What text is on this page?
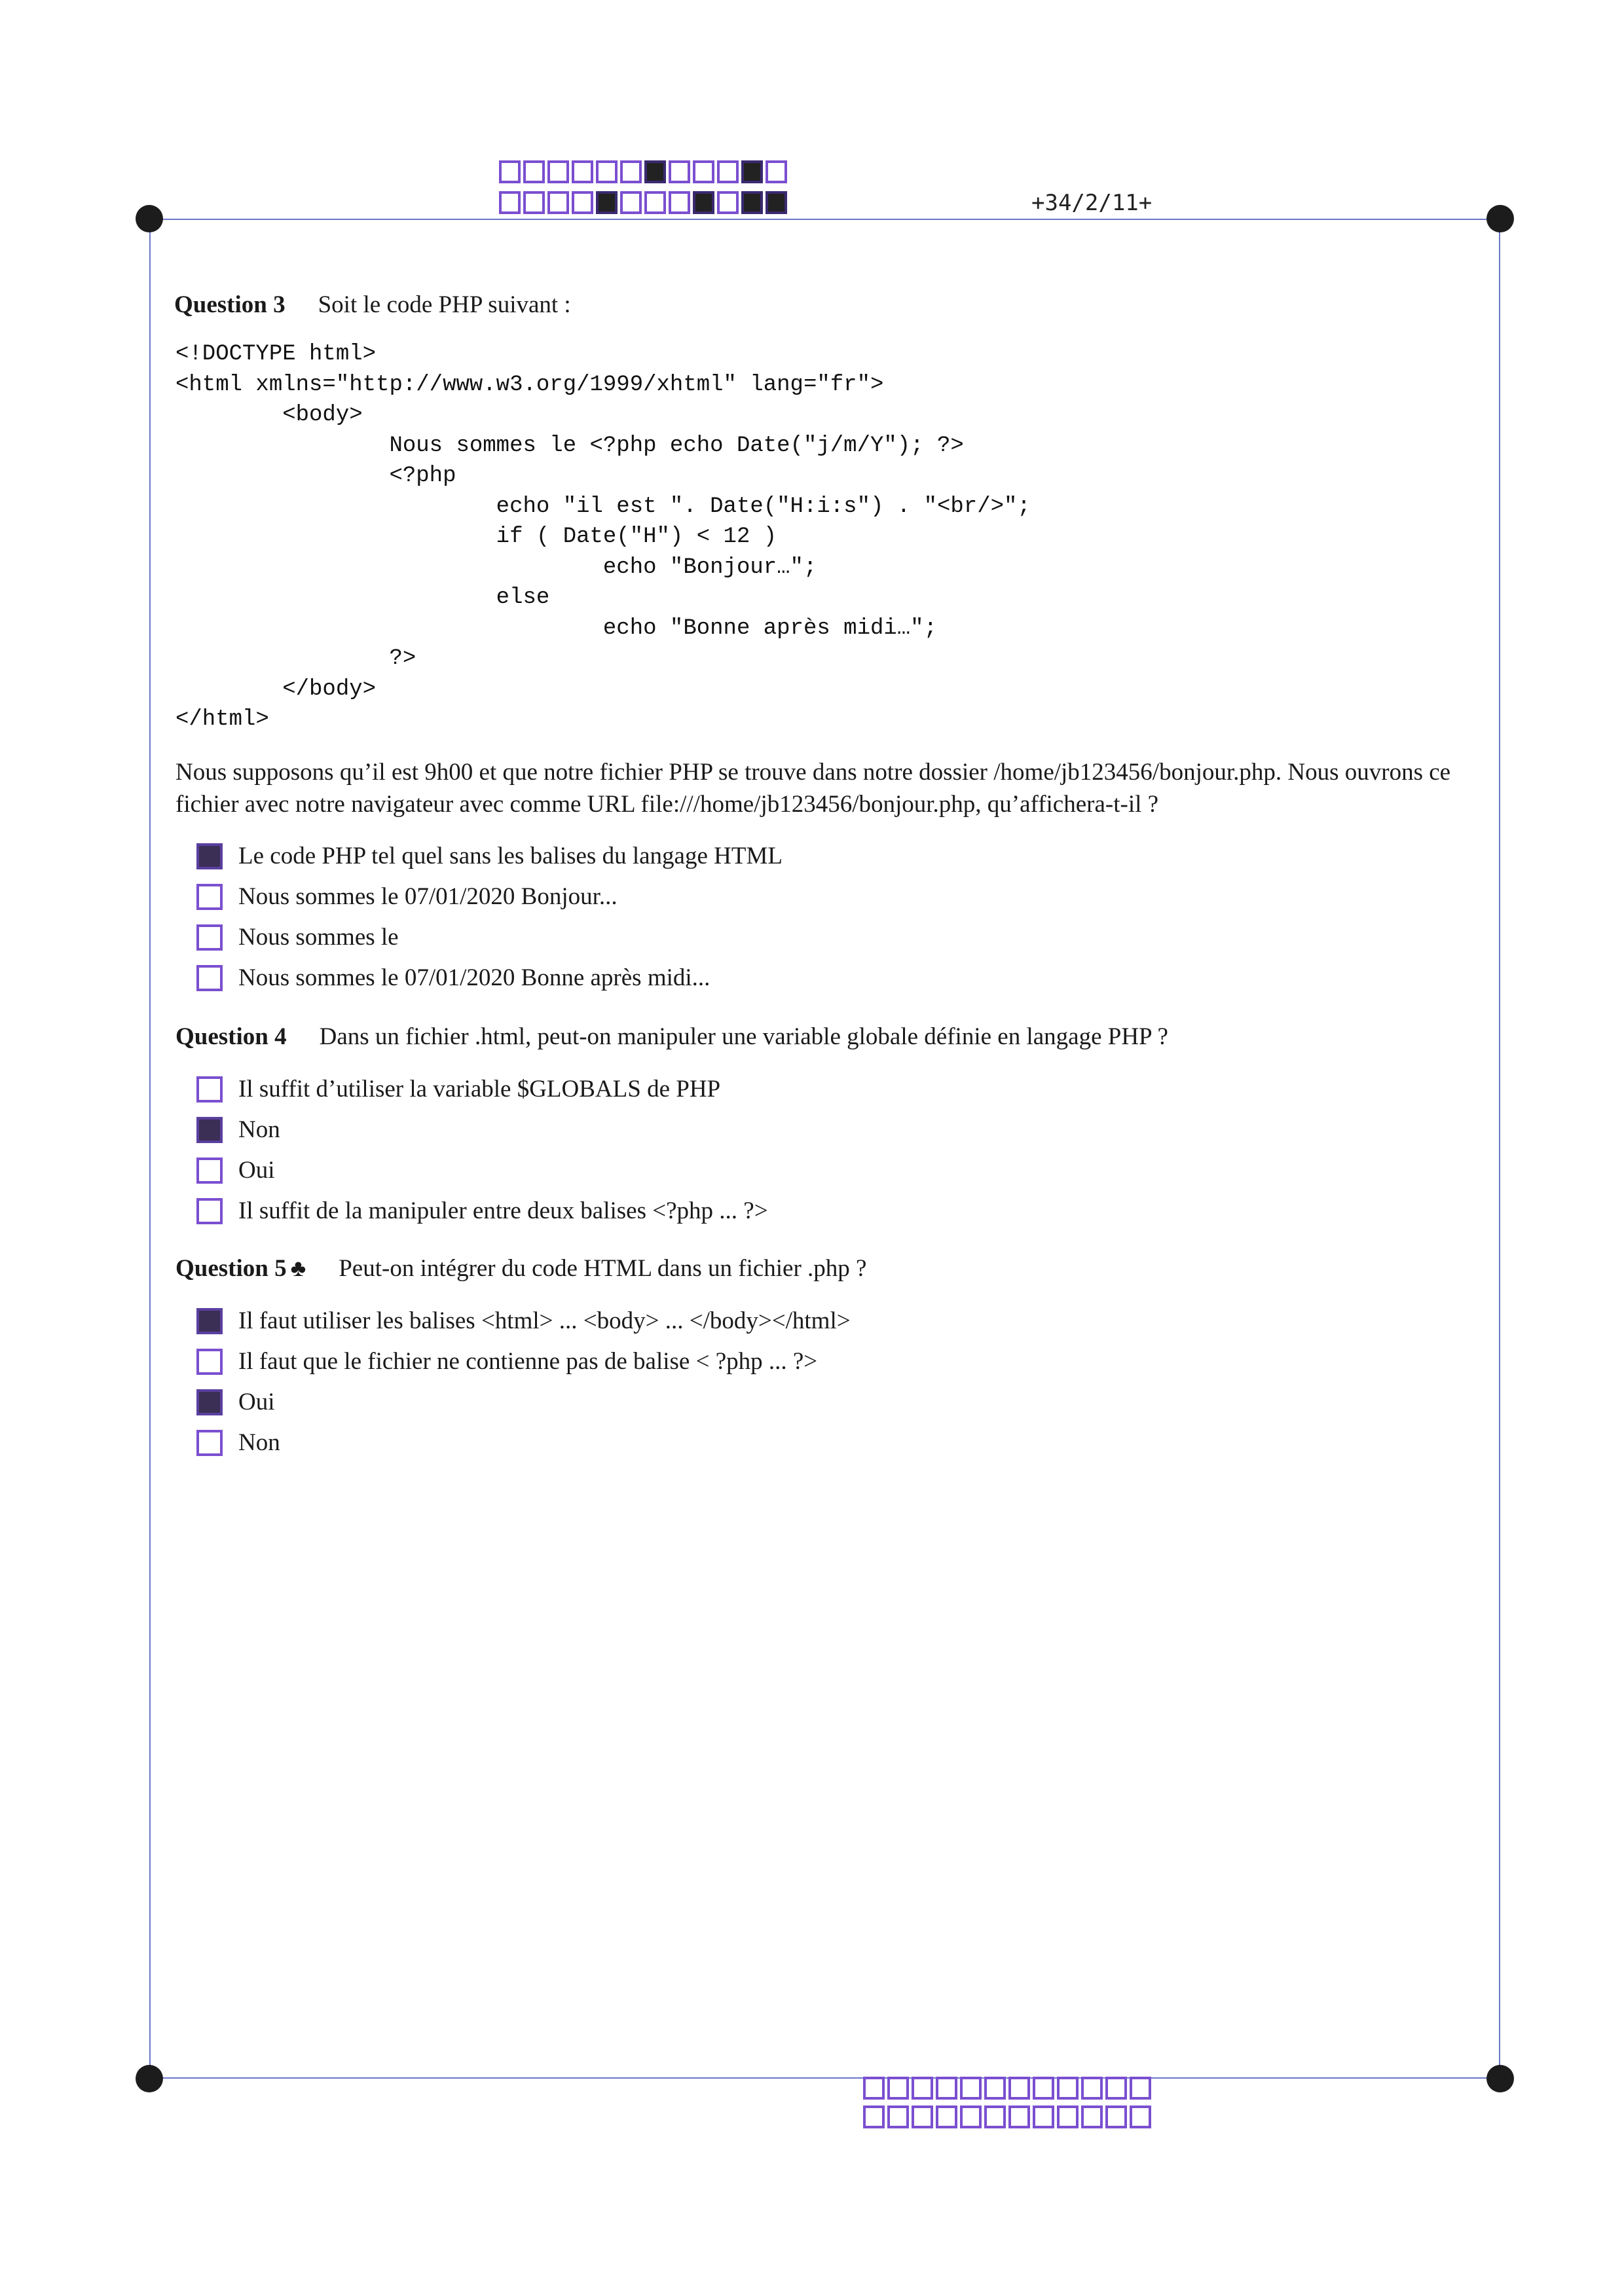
+34/2/11+
Question 3 Soit le code PHP suivant :
<!DOCTYPE html>
<html xmlns="http://www.w3.org/1999/xhtml" lang="fr">
<body>
Nous sommes le <?php echo Date("j/m/Y"); ?>
<?php
echo "il est ". Date("H:i:s") . "<br/>";
if ( Date("H") < 12 )
echo "Bonjour…";
else
echo "Bonne après midi…";
?>
</body>
</html>
Nous supposons qu’il est 9h00 et que notre fichier PHP se trouve dans notre dossier /home/jb123456/bonjour.php. Nous ouvrons ce fichier avec notre navigateur avec comme URL file:///home/jb123456/bonjour.php, qu’affichera-t-il ?
Le code PHP tel quel sans les balises du langage HTML
Nous sommes le 07/01/2020 Bonjour...
Nous sommes le
Nous sommes le 07/01/2020 Bonne après midi...
Question 4 Dans un fichier .html, peut-on manipuler une variable globale définie en langage PHP ?
Il suffit d’utiliser la variable $GLOBALS de PHP
Non
Oui
Il suffit de la manipuler entre deux balises <?php ... ?>
Question 5 ♣ Peut-on intégrer du code HTML dans un fichier .php ?
Il faut utiliser les balises <html> ... <body> ... </body></html>
Il faut que le fichier ne contienne pas de balise < ?php ... ?>
Oui
Non
